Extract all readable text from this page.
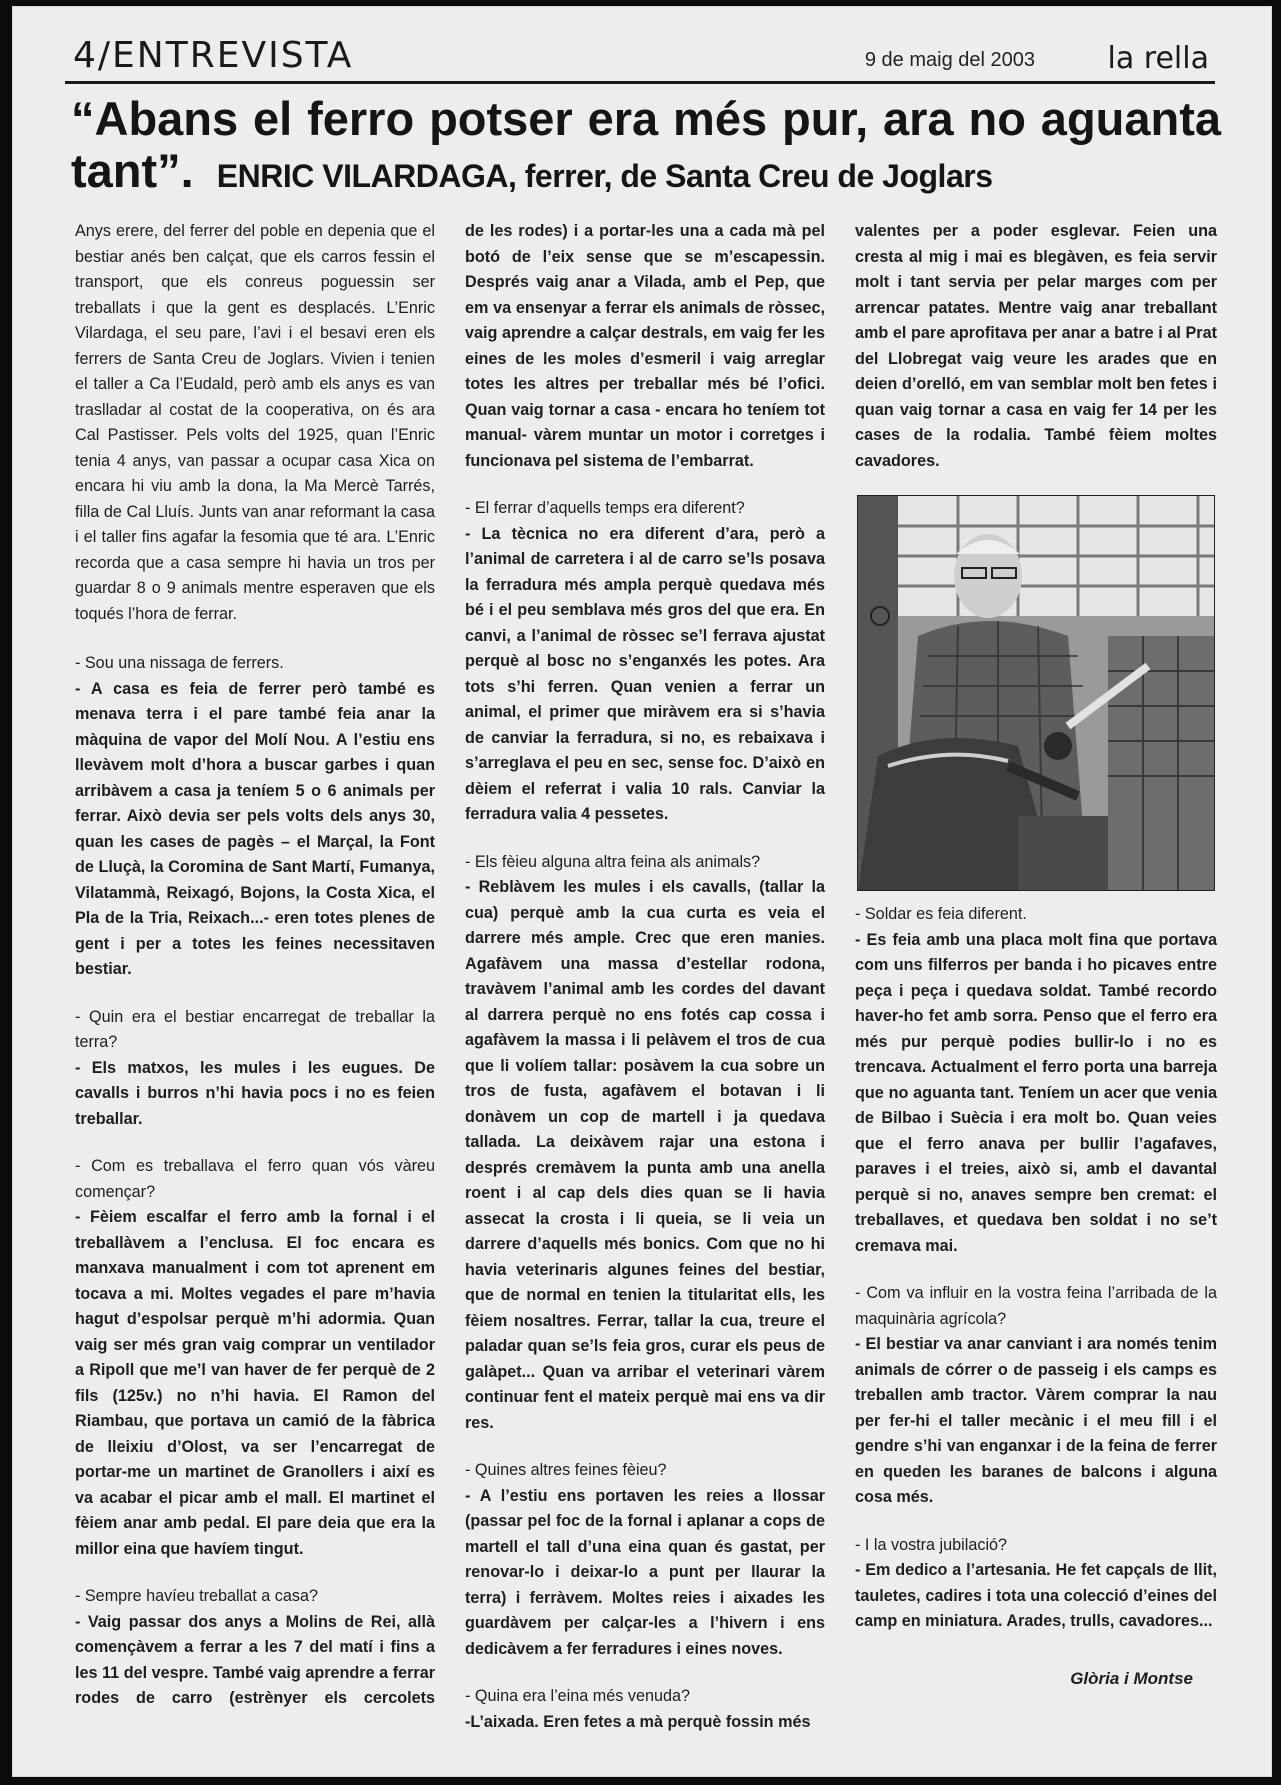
4/ENTREVISTA	9 de maig del 2003 la rella
“Abans el ferro potser era més pur, ara no aguanta tant”. ENRIC VILARDAGA, ferrer, de Santa Creu de Joglars

Anys erere, del ferrer del poble en depenia que el bestiar anés ben calçat, que els carros fessin el transport, que els conreus poguessin ser treballats i que la gent es desplacés. L’Enric Vilardaga, el seu pare, l’avi i el besavi eren els ferrers de Santa Creu de Joglars. Vivien i tenien el taller a Ca l’Eudald, però amb els anys es van traslladar al costat de la cooperativa, on és ara Cal Pastisser. Pels volts del 1925, quan l’Enric tenia 4 anys, van passar a ocupar casa Xica on encara hi viu amb la dona, la Ma Mercè Tarrés, filla de Cal Lluís. Junts van anar reformant la casa i el taller fins agafar la fesomia que té ara. L’Enric recorda que a casa sempre hi havia un tros per guardar 8 o 9 animals mentre esperaven que els toqués l’hora de ferrar.

- Sou una nissaga de ferrers.
- A casa es feia de ferrer però també es menava terra i el pare també feia anar la màquina de vapor del Molí Nou. A l’estiu ens llevàvem molt d’hora a buscar garbes i quan arribàvem a casa ja teníem 5 o 6 animals per ferrar. Això devia ser pels volts dels anys 30, quan les cases de pagès – el Marçal, la Font de Lluçà, la Coromina de Sant Martí, Fumanya, Vilatammà, Reixagó, Bojons, la Costa Xica, el Pla de la Tria, Reixach...- eren totes plenes de gent i per a totes les feines necessitaven bestiar.

- Quin era el bestiar encarregat de treballar la terra?
- Els matxos, les mules i les eugues. De cavalls i burros n’hi havia pocs i no es feien treballar.

- Com es treballava el ferro quan vós vàreu començar?
- Fèiem escalfar el ferro amb la fornal i el treballàvem a l’enclusa. El foc encara es manxava manualment i com tot aprenent em tocava a mi. Moltes vegades el pare m’havia hagut d’espolsar perquè m’hi adormia. Quan vaig ser més gran vaig comprar un ventilador a Ripoll que me’l van haver de fer perquè de 2 fils (125v.) no n’hi havia. El Ramon del Riambau, que portava un camió de la fàbrica de lleixiu d’Olost, va ser l’encarregat de portar-me un martinet de Granollers i així es va acabar el picar amb el mall. El martinet el fèiem anar amb pedal. El pare deia que era la millor eina que havíem tingut.

- Sempre havíeu treballat a casa?
- Vaig passar dos anys a Molins de Rei, allà començàvem a ferrar a les 7 del matí i fins a les 11 del vespre. També vaig aprendre a ferrar rodes de carro (estrènyer els cercolets

de les rodes) i a portar-les una a cada mà pel botó de l’eix sense que se m’escapessin. Després vaig anar a Vilada, amb el Pep, que em va ensenyar a ferrar els animals de ròssec, vaig aprendre a calçar destrals, em vaig fer les eines de les moles d’esmeril i vaig arreglar totes les altres per treballar més bé l’ofici. Quan vaig tornar a casa - encara ho teníem tot manual- vàrem muntar un motor i corretges i funcionava pel sistema de l’embarrat.

- El ferrar d’aquells temps era diferent?
- La tècnica no era diferent d’ara, però a l’animal de carretera i al de carro se’ls posava la ferradura més ampla perquè quedava més bé i el peu semblava més gros del que era. En canvi, a l’animal de ròssec se’l ferrava ajustat perquè al bosc no s’enganxés les potes. Ara tots s’hi ferren. Quan venien a ferrar un animal, el primer que miràvem era si s’havia de canviar la ferradura, si no, es rebaixava i s’arreglava el peu en sec, sense foc. D’això en dèiem el referrat i valia 10 rals. Canviar la ferradura valia 4 pessetes.

- Els fèieu alguna altra feina als animals?
- Reblàvem les mules i els cavalls, (tallar la cua) perquè amb la cua curta es veia el darrere més ample. Crec que eren manies. Agafàvem una massa d’estellar rodona, travàvem l’animal amb les cordes del davant al darrera perquè no ens fotés cap cossa i agafàvem la massa i li pelàvem el tros de cua que li volíem tallar: posàvem la cua sobre un tros de fusta, agafàvem el botavan i li donàvem un cop de martell i ja quedava tallada. La deixàvem rajar una estona i després cremàvem la punta amb una anella roent i al cap dels dies quan se li havia assecat la crosta i li queia, se li veia un darrere d’aquells més bonics. Com que no hi havia veterinaris algunes feines del bestiar, que de normal en tenien la titularitat ells, les fèiem nosaltres. Ferrar, tallar la cua, treure el paladar quan se’ls feia gros, curar els peus de galàpet... Quan va arribar el veterinari vàrem continuar fent el mateix perquè mai ens va dir res.

- Quines altres feines fèieu?
- A l’estiu ens portaven les reies a llossar (passar pel foc de la fornal i aplanar a cops de martell el tall d’una eina quan és gastat, per renovar-lo i deixar-lo a punt per llaurar la terra) i ferràvem. Moltes reies i aixades les guardàvem per calçar-les a l’hivern i ens dedicàvem a fer ferradures i eines noves.

- Quina era l’eina més venuda?
-L’aixada. Eren fetes a mà perquè fossin més

valentes per a poder esglevar. Feien una cresta al mig i mai es blegàven, es feia servir molt i tant servia per pelar marges com per arrencar patates. Mentre vaig anar treballant amb el pare aprofitava per anar a batre i al Prat del Llobregat vaig veure les arades que en deien d’orelló, em van semblar molt ben fetes i quan vaig tornar a casa en vaig fer 14 per les cases de la rodalia. També fèiem moltes cavadores.

- Soldar es feia diferent.
- Es feia amb una placa molt fina que portava com uns filferros per banda i ho picaves entre peça i peça i quedava soldat. També recordo haver-ho fet amb sorra. Penso que el ferro era més pur perquè podies bullir-lo i no es trencava. Actualment el ferro porta una barreja que no aguanta tant. Teníem un acer que venia de Bilbao i Suècia i era molt bo. Quan veies que el ferro anava per bullir l’agafaves, paraves i el treies, això si, amb el davantal perquè si no, anaves sempre ben cremat: el treballaves, et quedava ben soldat i no se’t cremava mai.

- Com va influir en la vostra feina l’arribada de la maquinària agrícola?
- El bestiar va anar canviant i ara només tenim animals de córrer o de passeig i els camps es treballen amb tractor. Vàrem comprar la nau per fer-hi el taller mecànic i el meu fill i el gendre s’hi van enganxar i de la feina de ferrer en queden les baranes de balcons i alguna cosa més.

- I la vostra jubilació?
- Em dedico a l’artesania. He fet capçals de llit, tauletes, cadires i tota una colecció d’eines del camp en miniatura. Arades, trulls, cavadores...

Glòria i Montse
